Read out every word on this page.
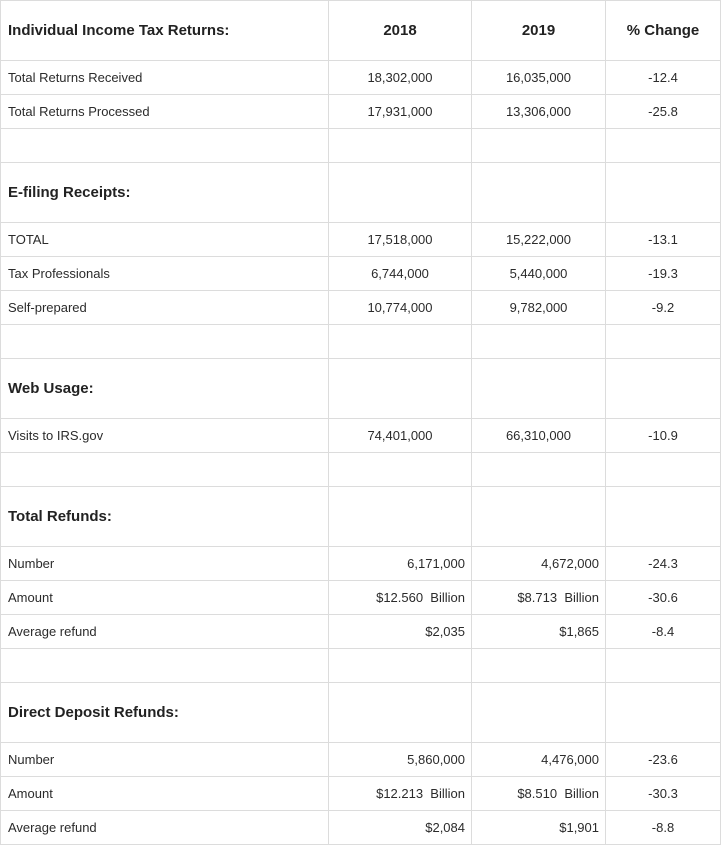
Individual Income Tax Returns:	2018	2019	% Change
Total Returns Received	18,302,000	16,035,000	-12.4
Total Returns Processed	17,931,000	13,306,000	-25.8

E-filing Receipts:			
TOTAL	17,518,000	15,222,000	-13.1
Tax Professionals	6,744,000	5,440,000	-19.3
Self-prepared	10,774,000	9,782,000	-9.2

Web Usage:			
Visits to IRS.gov	74,401,000	66,310,000	-10.9

Total Refunds:			
Number	6,171,000	4,672,000	-24.3
Amount	$12.560  Billion	$8.713  Billion	-30.6
Average refund	$2,035	$1,865	-8.4

Direct Deposit Refunds:			
Number	5,860,000	4,476,000	-23.6
Amount	$12.213  Billion	$8.510  Billion	-30.3
Average refund	$2,084	$1,901	-8.8
